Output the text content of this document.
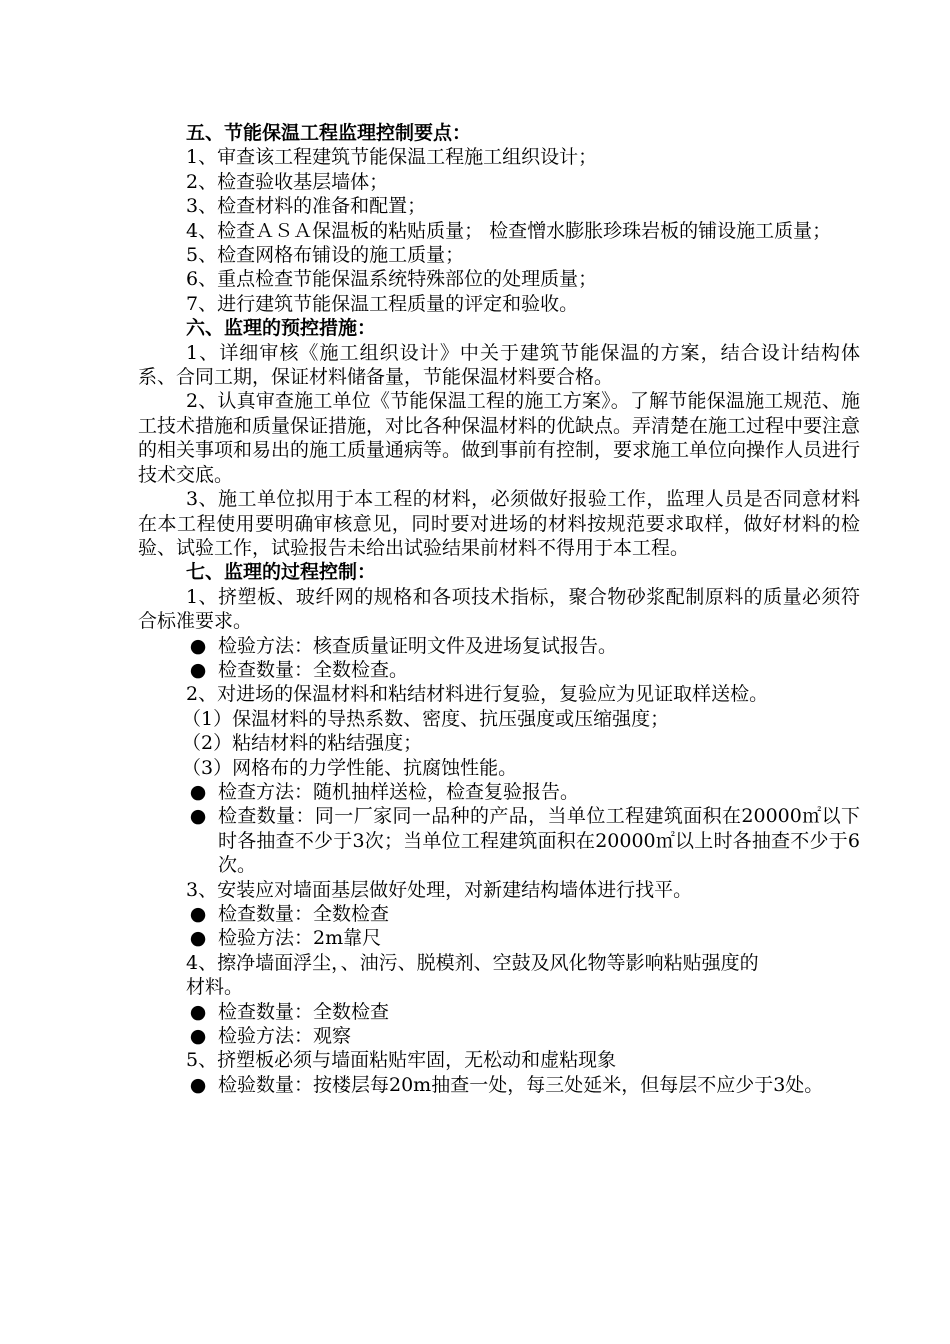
五、节能保温工程监理控制要点：

1、审查该工程建筑节能保温工程施工组织设计；

2、检查验收基层墙体；

3、检查材料的准备和配置；

4、检查ＡＳＡ保温板的粘贴质量； 检查憎水膨胀珍珠岩板的铺设施工质量；

5、检查网格布铺设的施工质量；

6、重点检查节能保温系统特殊部位的处理质量；

7、进行建筑节能保温工程质量的评定和验收。

六、监理的预控措施：

1、详细审核《施工组织设计》中关于建筑节能保温的方案，结合设计结构体系、合同工期，保证材料储备量，节能保温材料要合格。

2、认真审查施工单位《节能保温工程的施工方案》。了解节能保温施工规范、施工技术措施和质量保证措施，对比各种保温材料的优缺点。弄清楚在施工过程中要注意的相关事项和易出的施工质量通病等。做到事前有控制，要求施工单位向操作人员进行技术交底。

3、施工单位拟用于本工程的材料，必须做好报验工作，监理人员是否同意材料在本工程使用要明确审核意见，同时要对进场的材料按规范要求取样，做好材料的检验、试验工作，试验报告未给出试验结果前材料不得用于本工程。

七、监理的过程控制：

1、挤塑板、玻纤网的规格和各项技术指标，聚合物砂浆配制原料的质量必须符合标准要求。

● 检验方法：核查质量证明文件及进场复试报告。

● 检查数量：全数检查。

2、对进场的保温材料和粘结材料进行复验，复验应为见证取样送检。

（1）保温材料的导热系数、密度、抗压强度或压缩强度；

（2）粘结材料的粘结强度；

（3）网格布的力学性能、抗腐蚀性能。

● 检查方法：随机抽样送检，检查复验报告。

● 检查数量：同一厂家同一品种的产品，当单位工程建筑面积在20000㎡以下时各抽查不少于3次；当单位工程建筑面积在20000㎡以上时各抽查不少于6次。

3、安装应对墙面基层做好处理，对新建结构墙体进行找平。

● 检查数量：全数检查

● 检验方法：2m靠尺

4、擦净墙面浮尘，、油污、脱模剂、空鼓及风化物等影响粘贴强度的

材料。

● 检查数量：全数检查

● 检验方法：观察

5、挤塑板必须与墙面粘贴牢固，无松动和虚粘现象

● 检验数量：按楼层每20m抽查一处，每三处延米，但每层不应少于3处。
